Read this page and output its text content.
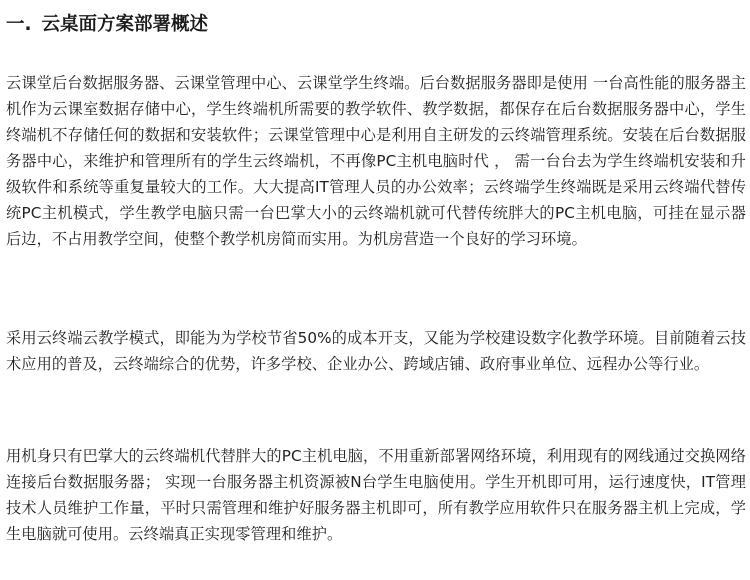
一. 云桌面方案部署概述

云课堂后台数据服务器、云课堂管理中心、云课堂学生终端。后台数据服务器即是使用 一台高性能的服务器主机作为云课室数据存储中心，学生终端机所需要的教学软件、教学数据，都保存在后台数据服务器中心，学生终端机不存储任何的数据和安装软件；云课堂管理中心是利用自主研发的云终端管理系统。安装在后台数据服务器中心，来维护和管理所有的学生云终端机，不再像PC主机电脑时代 ， 需一台台去为学生终端机安装和升级软件和系统等重复量较大的工作。大大提高IT管理人员的办公效率；云终端学生终端既是采用云终端代替传统PC主机模式，学生教学电脑只需一台巴掌大小的云终端机就可代替传统胖大的PC主机电脑，可挂在显示器后边，不占用教学空间，使整个教学机房简而实用。为机房营造一个良好的学习环境。

采用云终端云教学模式，即能为为学校节省50%的成本开支，又能为学校建设数字化教学环境。目前随着云技术应用的普及，云终端综合的优势，许多学校、企业办公、跨域店铺、政府事业单位、远程办公等行业。

用机身只有巴掌大的云终端机代替胖大的PC主机电脑，不用重新部署网络环境，利用现有的网线通过交换网络连接后台数据服务器； 实现一台服务器主机资源被N台学生电脑使用。学生开机即可用，运行速度快，IT管理技术人员维护工作量，平时只需管理和维护好服务器主机即可，所有教学应用软件只在服务器主机上完成，学生电脑就可使用。云终端真正实现零管理和维护。
